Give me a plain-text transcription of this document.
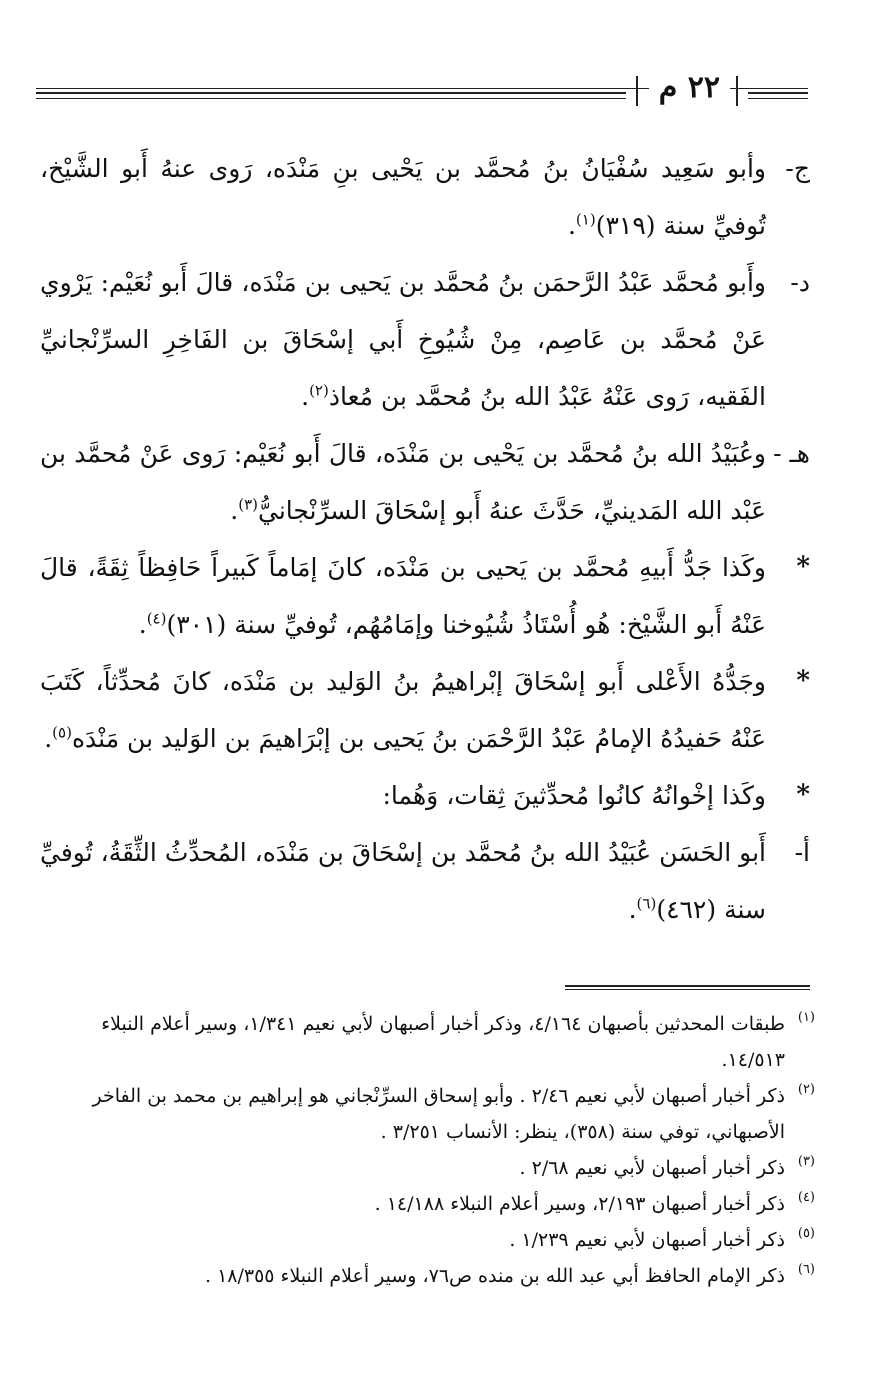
٢٢ م
ج-

وأبو سَعِيد سُفْيَانُ بنُ مُحمَّد بن يَحْيى بنِ مَنْدَه، رَوى عنهُ أَبو الشَّيْخ، تُوفيِّ سنة (٣١٩)$^{(١)}$.

د-

وأَبو مُحمَّد عَبْدُ الرَّحمَن بنُ مُحمَّد بن يَحيى بن مَنْدَه، قالَ أَبو نُعَيْم: يَرْوي عَنْ مُحمَّد بن عَاصِم، مِنْ شُيُوخِ أَبي إسْحَاقَ بن الفَاخِرِ السرِّنْجانيِّ الفَقيه، رَوى عَنْهُ عَبْدُ الله بنُ مُحمَّد بن مُعاذ$^{(٢)}$.

هـ -

وعُبَيْدُ الله بنُ مُحمَّد بن يَحْيى بن مَنْدَه، قالَ أَبو نُعَيْم: رَوى عَنْ مُحمَّد بن عَبْد الله المَدينيِّ، حَدَّثَ عنهُ أَبو إسْحَاقَ السرِّنْجانيُّ$^{(٣)}$.

*

وكَذا جَدُّ أَبيهِ مُحمَّد بن يَحيى بن مَنْدَه، كانَ إمَاماً كَبيراً حَافِظاً ثِقَةً، قالَ عَنْهُ أَبو الشَّيْخ: هُو أُسْتَاذُ شُيُوخنا وإمَامُهُم، تُوفيِّ سنة (٣٠١)$^{(٤)}$.

*

وجَدُّهُ الأَعْلى أَبو إسْحَاقَ إبْراهيمُ بنُ الوَليد بن مَنْدَه، كانَ مُحدِّثاً، كَتَبَ عَنْهُ حَفيدُهُ الإمامُ عَبْدُ الرَّحْمَن بنُ يَحيى بن إبْرَاهيمَ بن الوَليد بن مَنْدَه$^{(٥)}$.

*

وكَذا إخْوانُهُ كانُوا مُحدِّثينَ ثِقات، وَهُما:

أ-

أَبو الحَسَن عُبَيْدُ الله بنُ مُحمَّد بن إسْحَاقَ بن مَنْدَه، المُحدِّثُ الثِّقَةُ، تُوفيِّ سنة (٤٦٢)$^{(٦)}$.

(١)
طبقات المحدثين بأصبهان ٤/١٦٤، وذكر أخبار أصبهان لأبي نعيم ١/٣٤١، وسير أعلام النبلاء ١٤/٥١٣.
(٢)
ذكر أخبار أصبهان لأبي نعيم ٢/٤٦ . وأبو إسحاق السرِّنْجاني هو إبراهيم بن محمد بن الفاخر الأصبهاني، توفي سنة (٣٥٨)، ينظر: الأنساب ٣/٢٥١ .
(٣)
ذكر أخبار أصبهان لأبي نعيم ٢/٦٨ .
(٤)
ذكر أخبار أصبهان ٢/١٩٣، وسير أعلام النبلاء ١٤/١٨٨ .
(٥)
ذكر أخبار أصبهان لأبي نعيم ١/٢٣٩ .
(٦)
ذكر الإمام الحافظ أبي عبد الله بن منده ص٧٦، وسير أعلام النبلاء ١٨/٣٥٥ .
